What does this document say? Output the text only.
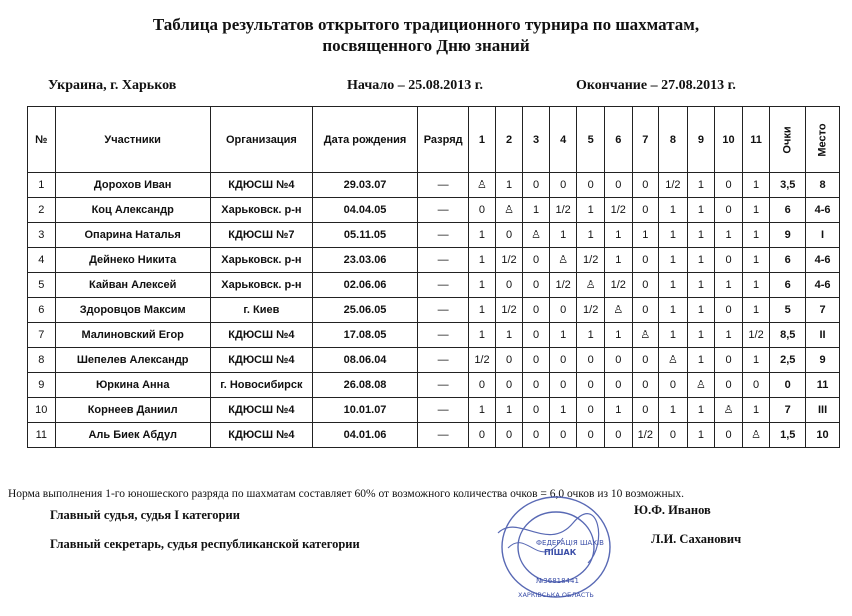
Таблица результатов открытого традиционного турнира по шахматам,
посвященного Дню знаний
Украина, г. Харьков	Начало – 25.08.2013 г.	Окончание – 27.08.2013 г.
№	Участники	Организация	Дата рождения	Разряд	1	2	3	4	5	6	7	8	9	10	11	Очки	Место
1	Дорохов Иван	КДЮСШ №4	29.03.07	—	♙	1	0	0	0	0	0	1/2	1	0	1	3,5	8
2	Коц Александр	Харьковск. р-н	04.04.05	—	0	♙	1	1/2	1	1/2	0	1	1	0	1	6	4-6
3	Опарина Наталья	КДЮСШ №7	05.11.05	—	1	0	♙	1	1	1	1	1	1	1	1	9	I
4	Дейнеко Никита	Харьковск. р-н	23.03.06	—	1	1/2	0	♙	1/2	1	0	1	1	0	1	6	4-6
5	Кайван Алексей	Харьковск. р-н	02.06.06	—	1	0	0	1/2	♙	1/2	0	1	1	1	1	6	4-6
6	Здоровцов Максим	г. Киев	25.06.05	—	1	1/2	0	0	1/2	♙	0	1	1	0	1	5	7
7	Малиновский Егор	КДЮСШ №4	17.08.05	—	1	1	0	1	1	1	♙	1	1	1	1/2	8,5	II
8	Шепелев Александр	КДЮСШ №4	08.06.04	—	1/2	0	0	0	0	0	0	♙	1	0	1	2,5	9
9	Юркина Анна	г. Новосибирск	26.08.08	—	0	0	0	0	0	0	0	0	♙	0	0	0	11
10	Корнеев Даниил	КДЮСШ №4	10.01.07	—	1	1	0	1	0	1	0	1	1	♙	1	7	III
11	Аль Биек Абдул	КДЮСШ №4	04.01.06	—	0	0	0	0	0	0	1/2	0	1	0	♙	1,5	10
Норма выполнения 1-го юношеского разряда по шахматам составляет 60% от возможного количества очков = 6,0 очков из 10 возможных.
Главный судья, судья I категории	Ю.Ф. Иванов
Главный секретарь, судья республиканской категории	Л.И. Саханович
ФЕДЕРАЦІЯ ШАХІВ
ПІШАК
№36818441
ХАРКІВСЬКА ОБЛАСТЬ
